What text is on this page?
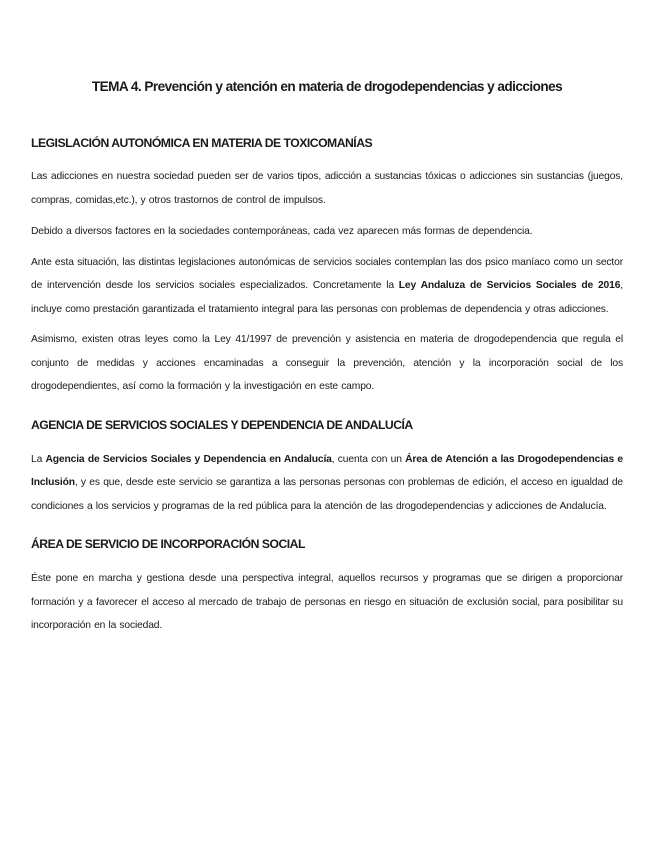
TEMA 4. Prevención y atención en materia de drogodependencias y adicciones
LEGISLACIÓN AUTONÓMICA EN MATERIA DE TOXICOMANÍAS

Las adicciones en nuestra sociedad pueden ser de varios tipos, adicción a sustancias tóxicas o adicciones sin sustancias (juegos, compras, comidas,etc.), y otros trastornos de control de impulsos.

Debido a diversos factores en la sociedades contemporáneas, cada vez aparecen más formas de dependencia.

Ante esta situación, las distintas legislaciones autonómicas de servicios sociales contemplan las dos psico maníaco como un sector de intervención desde los servicios sociales especializados. Concretamente la Ley Andaluza de Servicios Sociales de 2016, incluye como prestación garantizada el tratamiento integral para las personas con problemas de dependencia y otras adicciones.

Asimismo, existen otras leyes como la Ley 41/1997 de prevención y asistencia en materia de drogodependencia que regula el conjunto de medidas y acciones encaminadas a conseguir la prevención, atención y la incorporación social de los drogodependientes, así como la formación y la investigación en este campo.

AGENCIA DE SERVICIOS SOCIALES Y DEPENDENCIA DE ANDALUCÍA

La Agencia de Servicios Sociales y Dependencia en Andalucía, cuenta con un Área de Atención a las Drogodependencias e Inclusión, y es que, desde este servicio se garantiza a las personas personas con problemas de edición, el acceso en igualdad de condiciones a los servicios y programas de la red pública para la atención de las drogodependencias y adicciones de Andalucía.

ÁREA DE SERVICIO DE INCORPORACIÓN SOCIAL

Éste pone en marcha y gestiona desde una perspectiva integral, aquellos recursos y programas que se dirigen a proporcionar formación y a favorecer el acceso al mercado de trabajo de personas en riesgo en situación de exclusión social, para posibilitar su incorporación en la sociedad.
